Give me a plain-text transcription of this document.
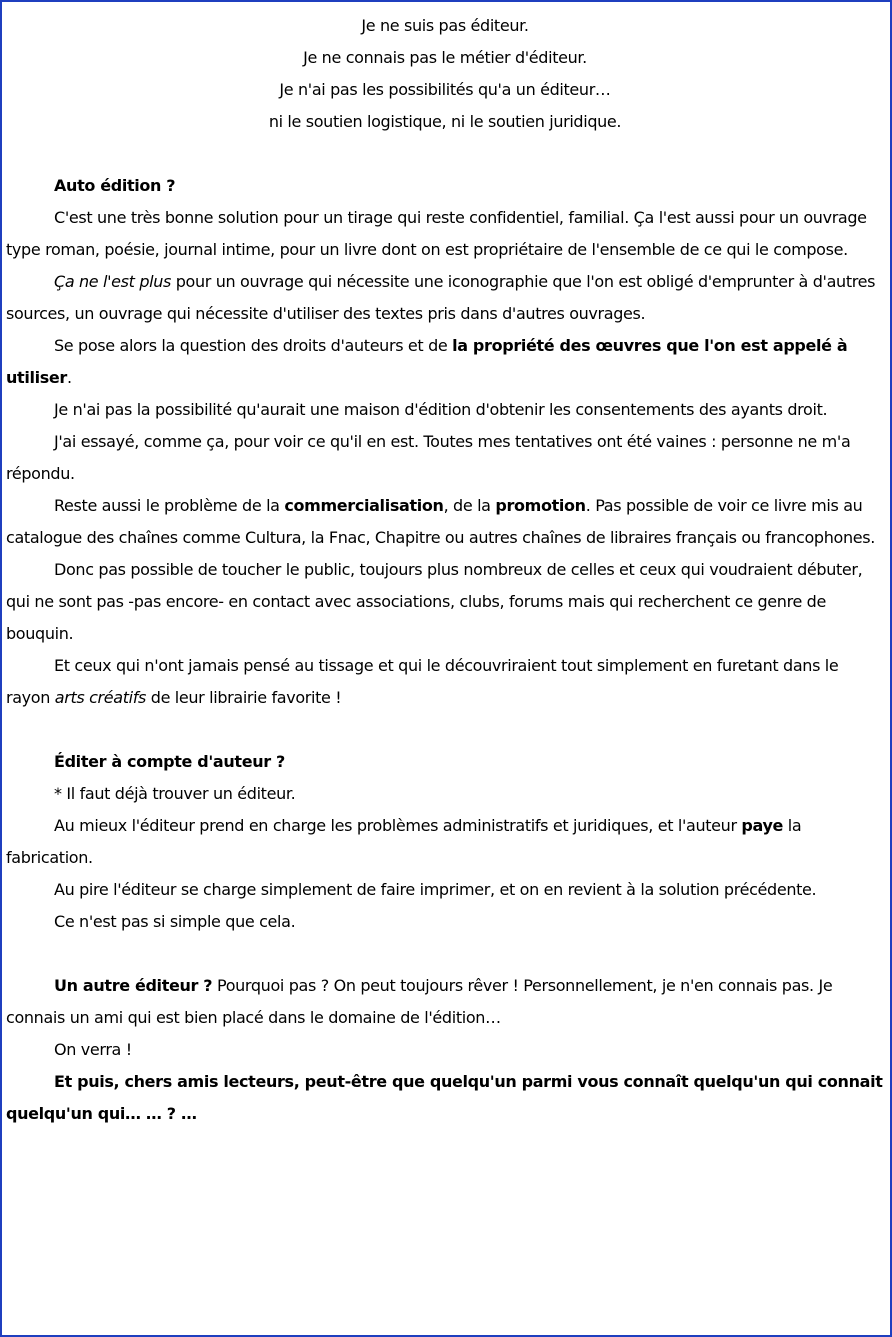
Je ne suis pas éditeur.

Je ne connais pas le métier d'éditeur.

Je n'ai pas les possibilités qu'a un éditeur…

ni le soutien logistique, ni le soutien juridique.

Auto édition ?

C'est une très bonne solution pour un tirage qui reste confidentiel, familial. Ça l'est aussi pour un ouvrage type roman, poésie, journal intime, pour un livre dont on est propriétaire de l'ensemble de ce qui le compose.

Ça ne l'est plus pour un ouvrage qui nécessite une iconographie que l'on est obligé d'emprunter à d'autres sources, un ouvrage qui nécessite d'utiliser des textes pris dans d'autres ouvrages.

Se pose alors la question des droits d'auteurs et de la propriété des œuvres que l'on est appelé à utiliser.

Je n'ai pas la possibilité qu'aurait une maison d'édition d'obtenir les consentements des ayants droit.

J'ai essayé, comme ça, pour voir ce qu'il en est. Toutes mes tentatives ont été vaines : personne ne m'a répondu.

Reste aussi le problème de la commercialisation, de la promotion. Pas possible de voir ce livre mis au catalogue des chaînes comme Cultura, la Fnac, Chapitre ou autres chaînes de libraires français ou francophones.

Donc pas possible de toucher le public, toujours plus nombreux de celles et ceux qui voudraient débuter, qui ne sont pas -pas encore- en contact avec associations, clubs, forums mais qui recherchent ce genre de bouquin.

Et ceux qui n'ont jamais pensé au tissage et qui le découvriraient tout simplement en furetant dans le rayon arts créatifs de leur librairie favorite !

Éditer à compte d'auteur ?

* Il faut déjà trouver un éditeur.

Au mieux l'éditeur prend en charge les problèmes administratifs et juridiques, et l'auteur paye la fabrication.

Au pire l'éditeur se charge simplement de faire imprimer, et on en revient à la solution précédente.

Ce n'est pas si simple que cela.

Un autre éditeur ? Pourquoi pas ? On peut toujours rêver ! Personnellement, je n'en connais pas. Je connais un ami qui est bien placé dans le domaine de l'édition…

On verra !

Et puis, chers amis lecteurs, peut-être que quelqu'un parmi vous connaît quelqu'un qui connait quelqu'un qui… … ? …
